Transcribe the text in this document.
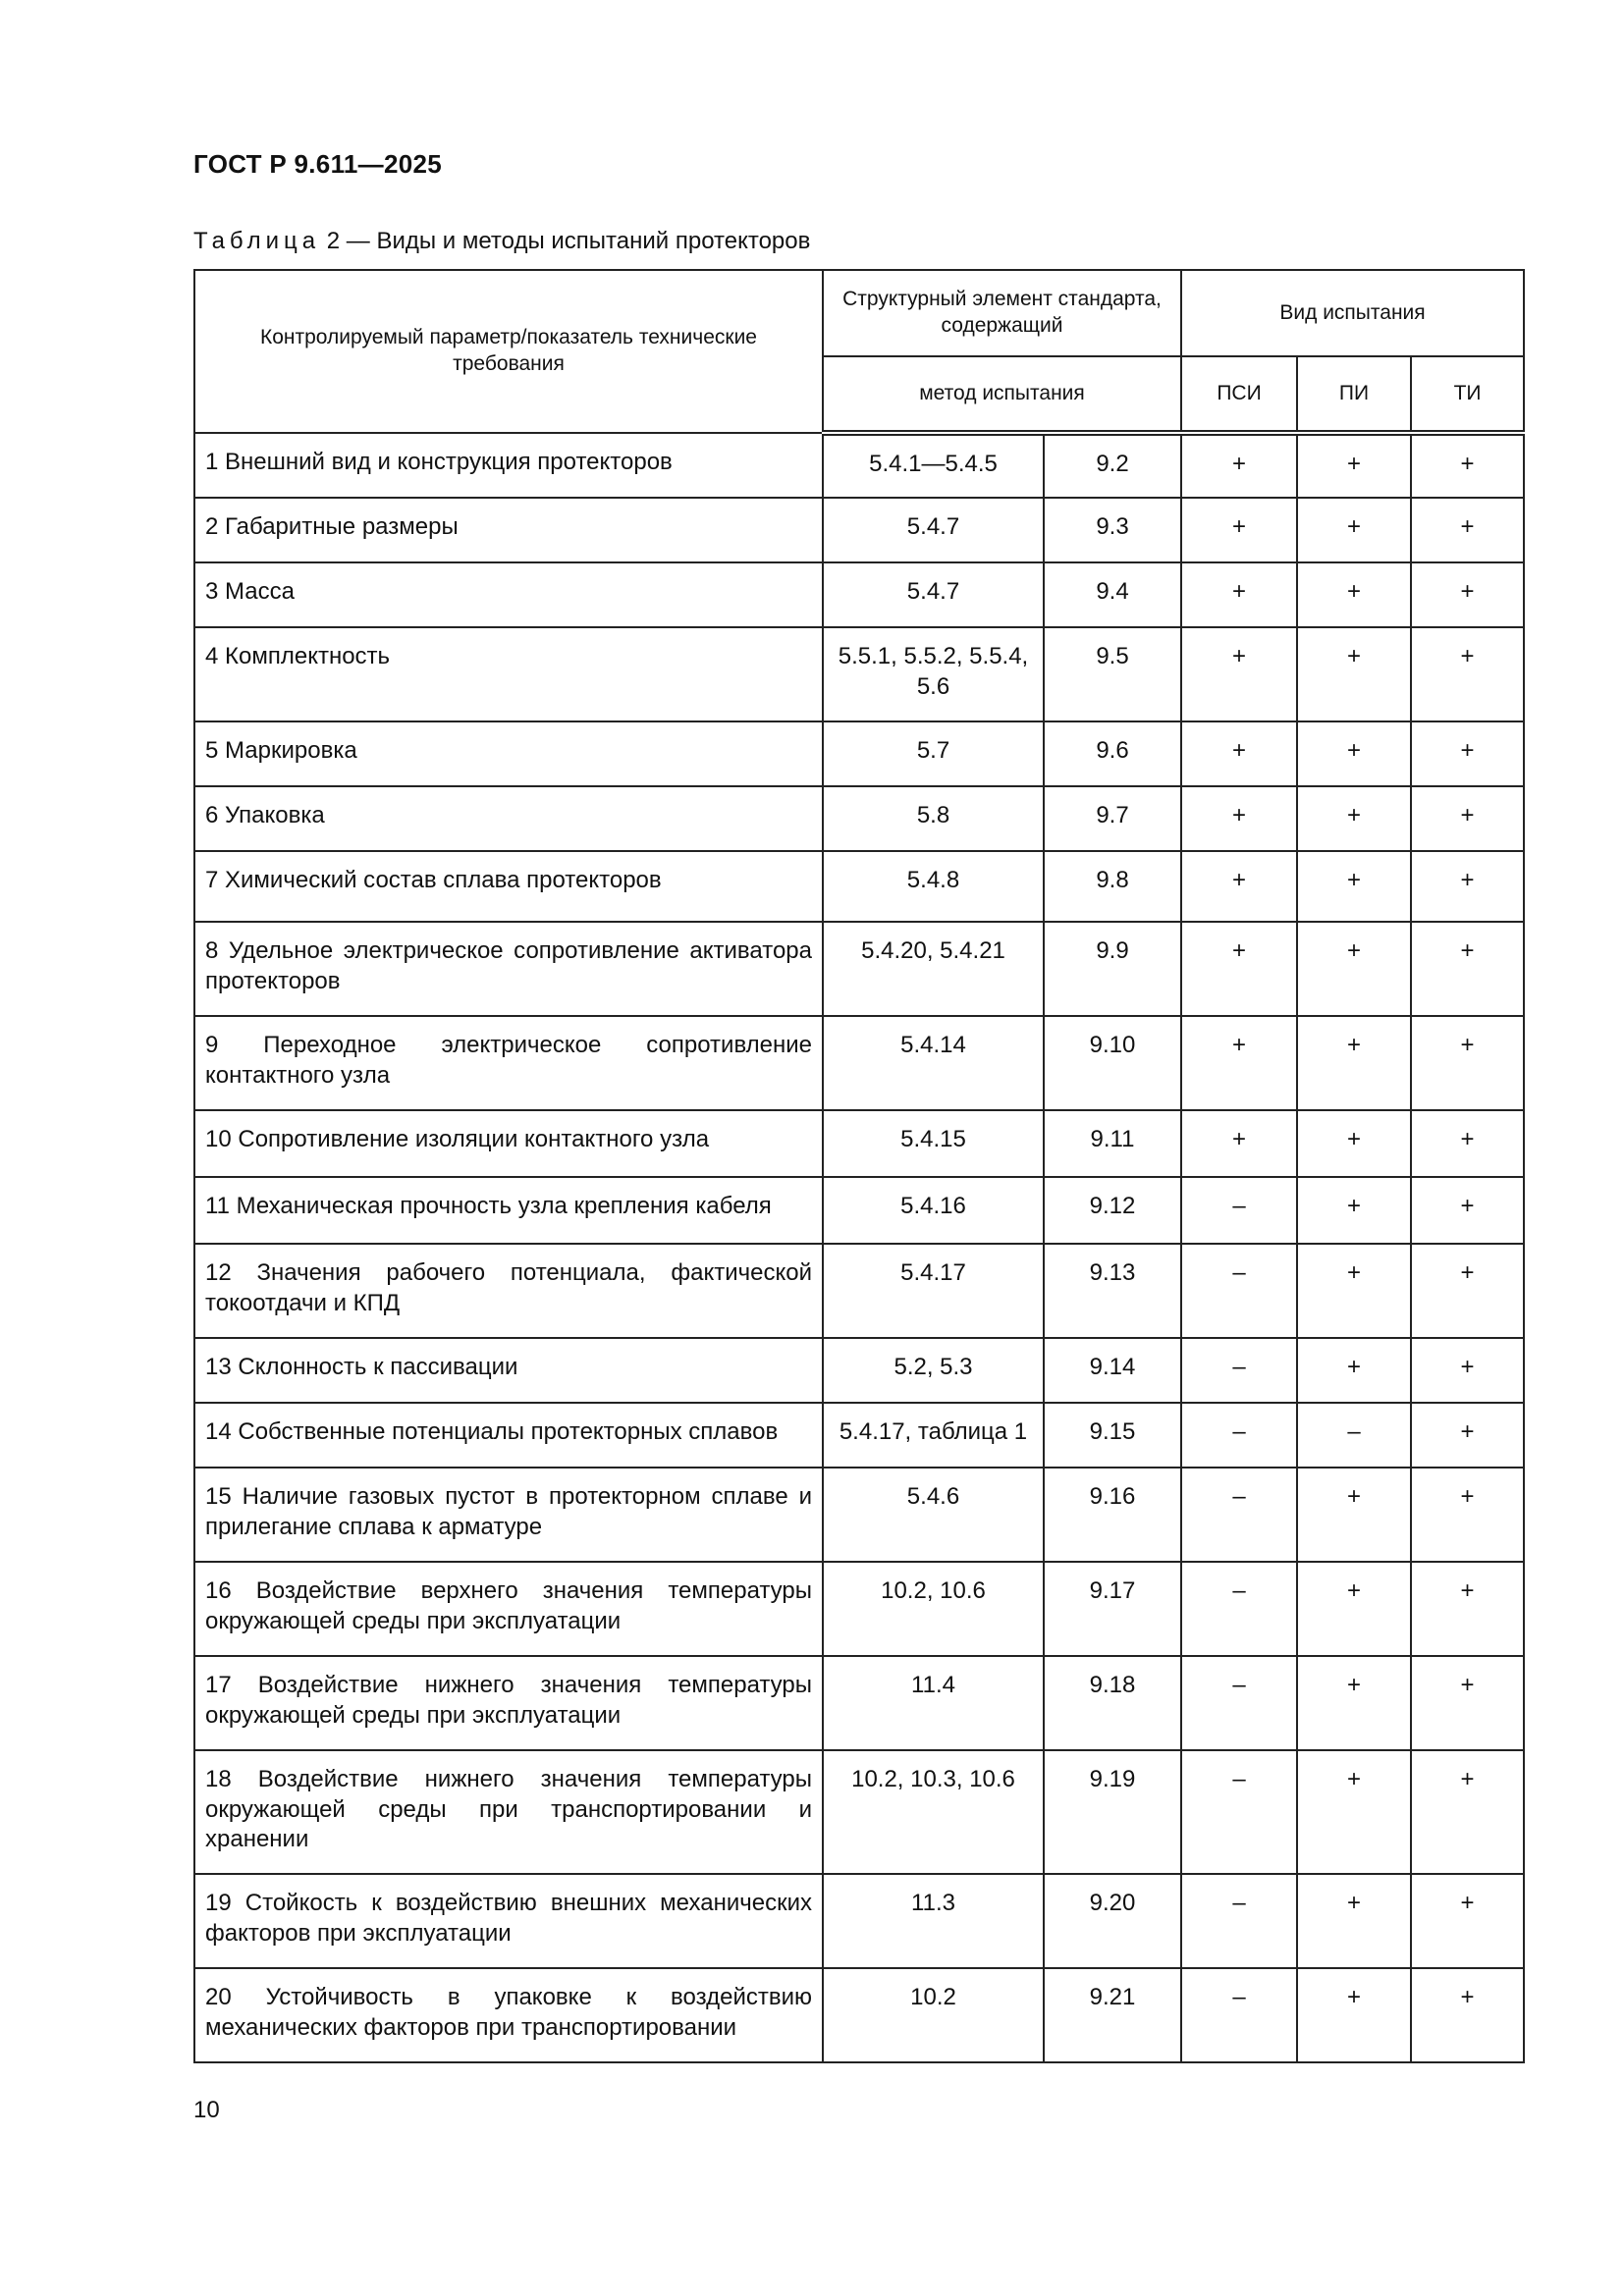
ГОСТ Р 9.611—2025
Таблица 2 — Виды и методы испытаний протекторов
Контролируемый параметр/показатель технические требования	Структурный элемент стандарта, содержащий		Вид испытания		
	метод испытания		ПСИ	ПИ	ТИ
1 Внешний вид и конструкция протекторов	5.4.1—5.4.5	9.2	+	+	+
2 Габаритные размеры	5.4.7	9.3	+	+	+
3 Масса	5.4.7	9.4	+	+	+
4 Комплектность	5.5.1, 5.5.2, 5.5.4, 5.6	9.5	+	+	+
5 Маркировка	5.7	9.6	+	+	+
6 Упаковка	5.8	9.7	+	+	+
7 Химический состав сплава протекторов	5.4.8	9.8	+	+	+
8 Удельное электрическое сопротивление активатора протекторов	5.4.20, 5.4.21	9.9	+	+	+
9 Переходное электрическое сопротивление контактного узла	5.4.14	9.10	+	+	+
10 Сопротивление изоляции контактного узла	5.4.15	9.11	+	+	+
11 Механическая прочность узла крепления кабеля	5.4.16	9.12	–	+	+
12 Значения рабочего потенциала, фактической токоотдачи и КПД	5.4.17	9.13	–	+	+
13 Склонность к пассивации	5.2, 5.3	9.14	–	+	+
14 Собственные потенциалы протекторных сплавов	5.4.17, таблица 1	9.15	–	–	+
15 Наличие газовых пустот в протекторном сплаве и прилегание сплава к арматуре	5.4.6	9.16	–	+	+
16 Воздействие верхнего значения температуры окружающей среды при эксплуатации	10.2, 10.6	9.17	–	+	+
17 Воздействие нижнего значения температуры окружающей среды при эксплуатации	11.4	9.18	–	+	+
18 Воздействие нижнего значения температуры окружающей среды при транспортировании и хранении	10.2, 10.3, 10.6	9.19	–	+	+
19 Стойкость к воздействию внешних механических факторов при эксплуатации	11.3	9.20	–	+	+
20 Устойчивость в упаковке к воздействию механических факторов при транспортировании	10.2	9.21	–	+	+
10
